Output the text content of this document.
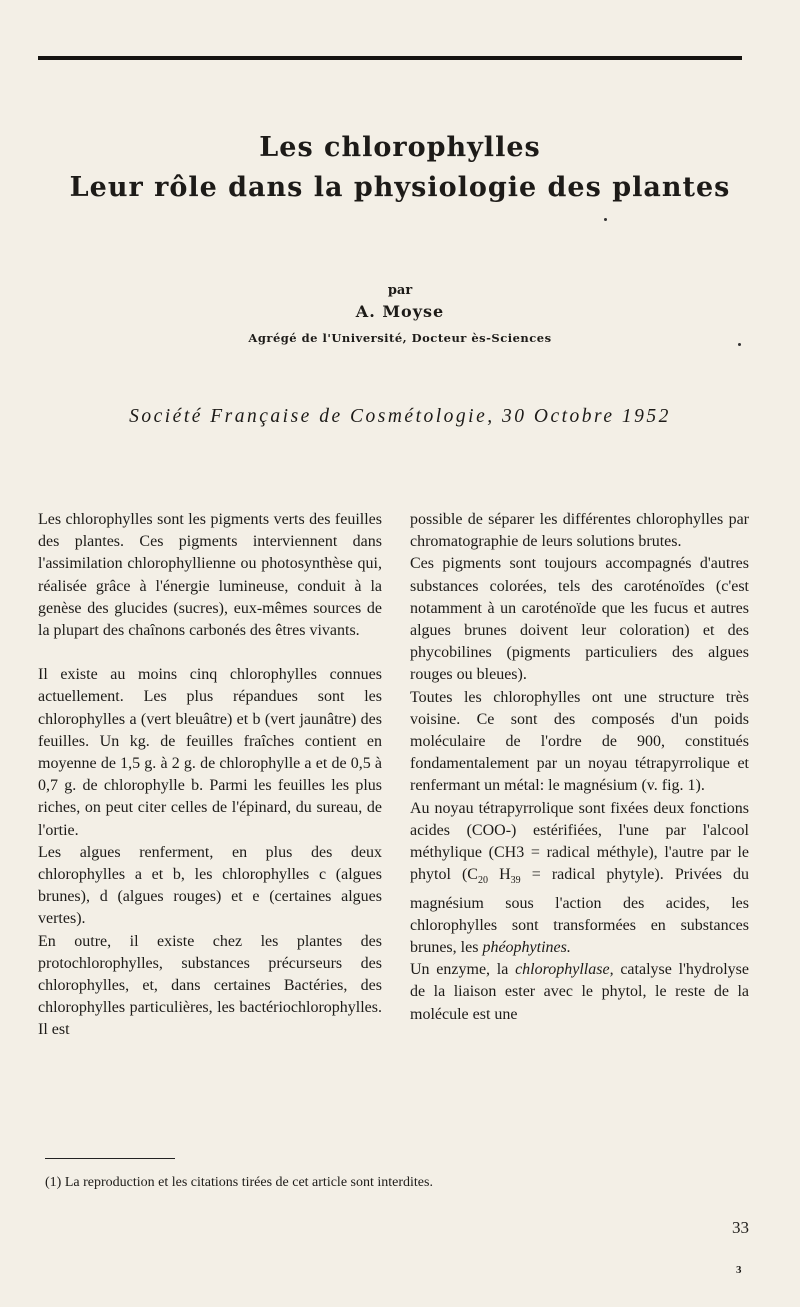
Les chlorophylles
Leur rôle dans la physiologie des plantes
par
A. Moyse
Agrégé de l'Université, Docteur ès-Sciences
Société Française de Cosmétologie, 30 Octobre 1952

Les chlorophylles sont les pigments verts des feuilles des plantes. Ces pigments interviennent dans l'assimilation chlorophyllienne ou photosynthèse qui, réalisée grâce à l'énergie lumineuse, conduit à la genèse des glucides (sucres), eux-mêmes sources de la plupart des chaînons carbonés des êtres vivants.

Il existe au moins cinq chlorophylles connues actuellement. Les plus répandues sont les chlorophylles a (vert bleuâtre) et b (vert jaunâtre) des feuilles. Un kg. de feuilles fraîches contient en moyenne de 1,5 g. à 2 g. de chlorophylle a et de 0,5 à 0,7 g. de chlorophylle b. Parmi les feuilles les plus riches, on peut citer celles de l'épinard, du sureau, de l'ortie.

Les algues renferment, en plus des deux chlorophylles a et b, les chlorophylles c (algues brunes), d (algues rouges) et e (certaines algues vertes).

En outre, il existe chez les plantes des protochlorophylles, substances précurseurs des chlorophylles, et, dans certaines Bactéries, des chlorophylles particulières, les bactériochlorophylles. Il est

possible de séparer les différentes chlorophylles par chromatographie de leurs solutions brutes.

Ces pigments sont toujours accompagnés d'autres substances colorées, tels des caroténoïdes (c'est notamment à un caroténoïde que les fucus et autres algues brunes doivent leur coloration) et des phycobilines (pigments particuliers des algues rouges ou bleues).

Toutes les chlorophylles ont une structure très voisine. Ce sont des composés d'un poids moléculaire de l'ordre de 900, constitués fondamentalement par un noyau tétrapyrrolique et renfermant un métal: le magnésium (v. fig. 1).

Au noyau tétrapyrrolique sont fixées deux fonctions acides (COO-) estérifiées, l'une par l'alcool méthylique (CH3 = radical méthyle), l'autre par le phytol ($C_{20}$ $H_{39}$ = radical phytyle). Privées du magnésium sous l'action des acides, les chlorophylles sont transformées en substances brunes, les phéophytines.

Un enzyme, la chlorophyllase, catalyse l'hydrolyse de la liaison ester avec le phytol, le reste de la molécule est une

(1) La reproduction et les citations tirées de cet article sont interdites.
33
3
